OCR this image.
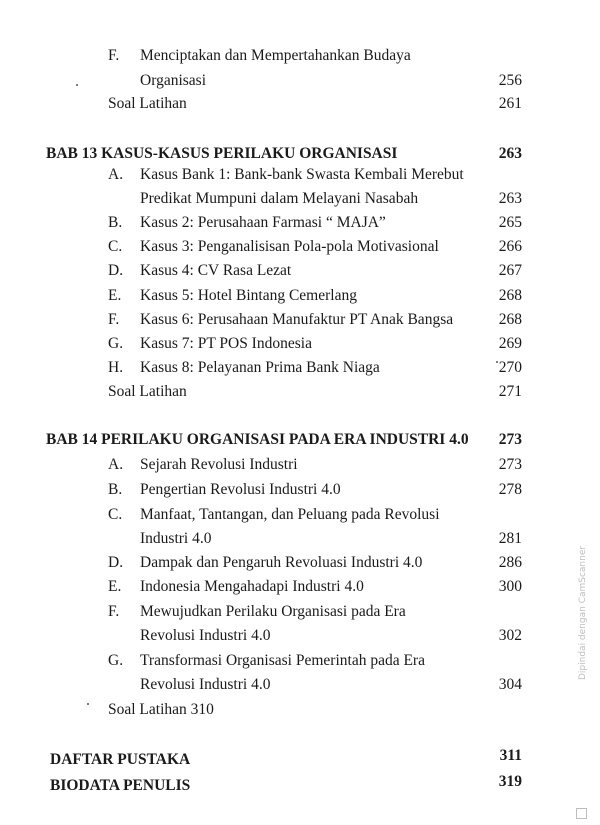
F. Menciptakan dan Mempertahankan Budaya
Organisasi	256
Soal Latihan	261
BAB 13 KASUS-KASUS PERILAKU ORGANISASI	263
A. Kasus Bank 1: Bank-bank Swasta Kembali Merebut
Predikat Mumpuni dalam Melayani Nasabah	263
B. Kasus 2: Perusahaan Farmasi “ MAJA”	265
C. Kasus 3: Penganalisisan Pola-pola Motivasional	266
D. Kasus 4: CV Rasa Lezat	267
E. Kasus 5: Hotel Bintang Cemerlang	268
F. Kasus 6: Perusahaan Manufaktur PT Anak Bangsa	268
G. Kasus 7: PT POS Indonesia	269
H. Kasus 8: Pelayanan Prima Bank Niaga	270
Soal Latihan	271
BAB 14 PERILAKU ORGANISASI PADA ERA INDUSTRI 4.0	273
A. Sejarah Revolusi Industri	273
B. Pengertian Revolusi Industri 4.0	278
C. Manfaat, Tantangan, dan Peluang pada Revolusi
Industri 4.0	281
D. Dampak dan Pengaruh Revoluasi Industri 4.0	286
E. Indonesia Mengahadapi Industri 4.0	300
F. Mewujudkan Perilaku Organisasi pada Era
Revolusi Industri 4.0	302
G. Transformasi Organisasi Pemerintah pada Era
Revolusi Industri 4.0	304
Soal Latihan 310
DAFTAR PUSTAKA	311
BIODATA PENULIS	319
Dipindai dengan CamScanner
